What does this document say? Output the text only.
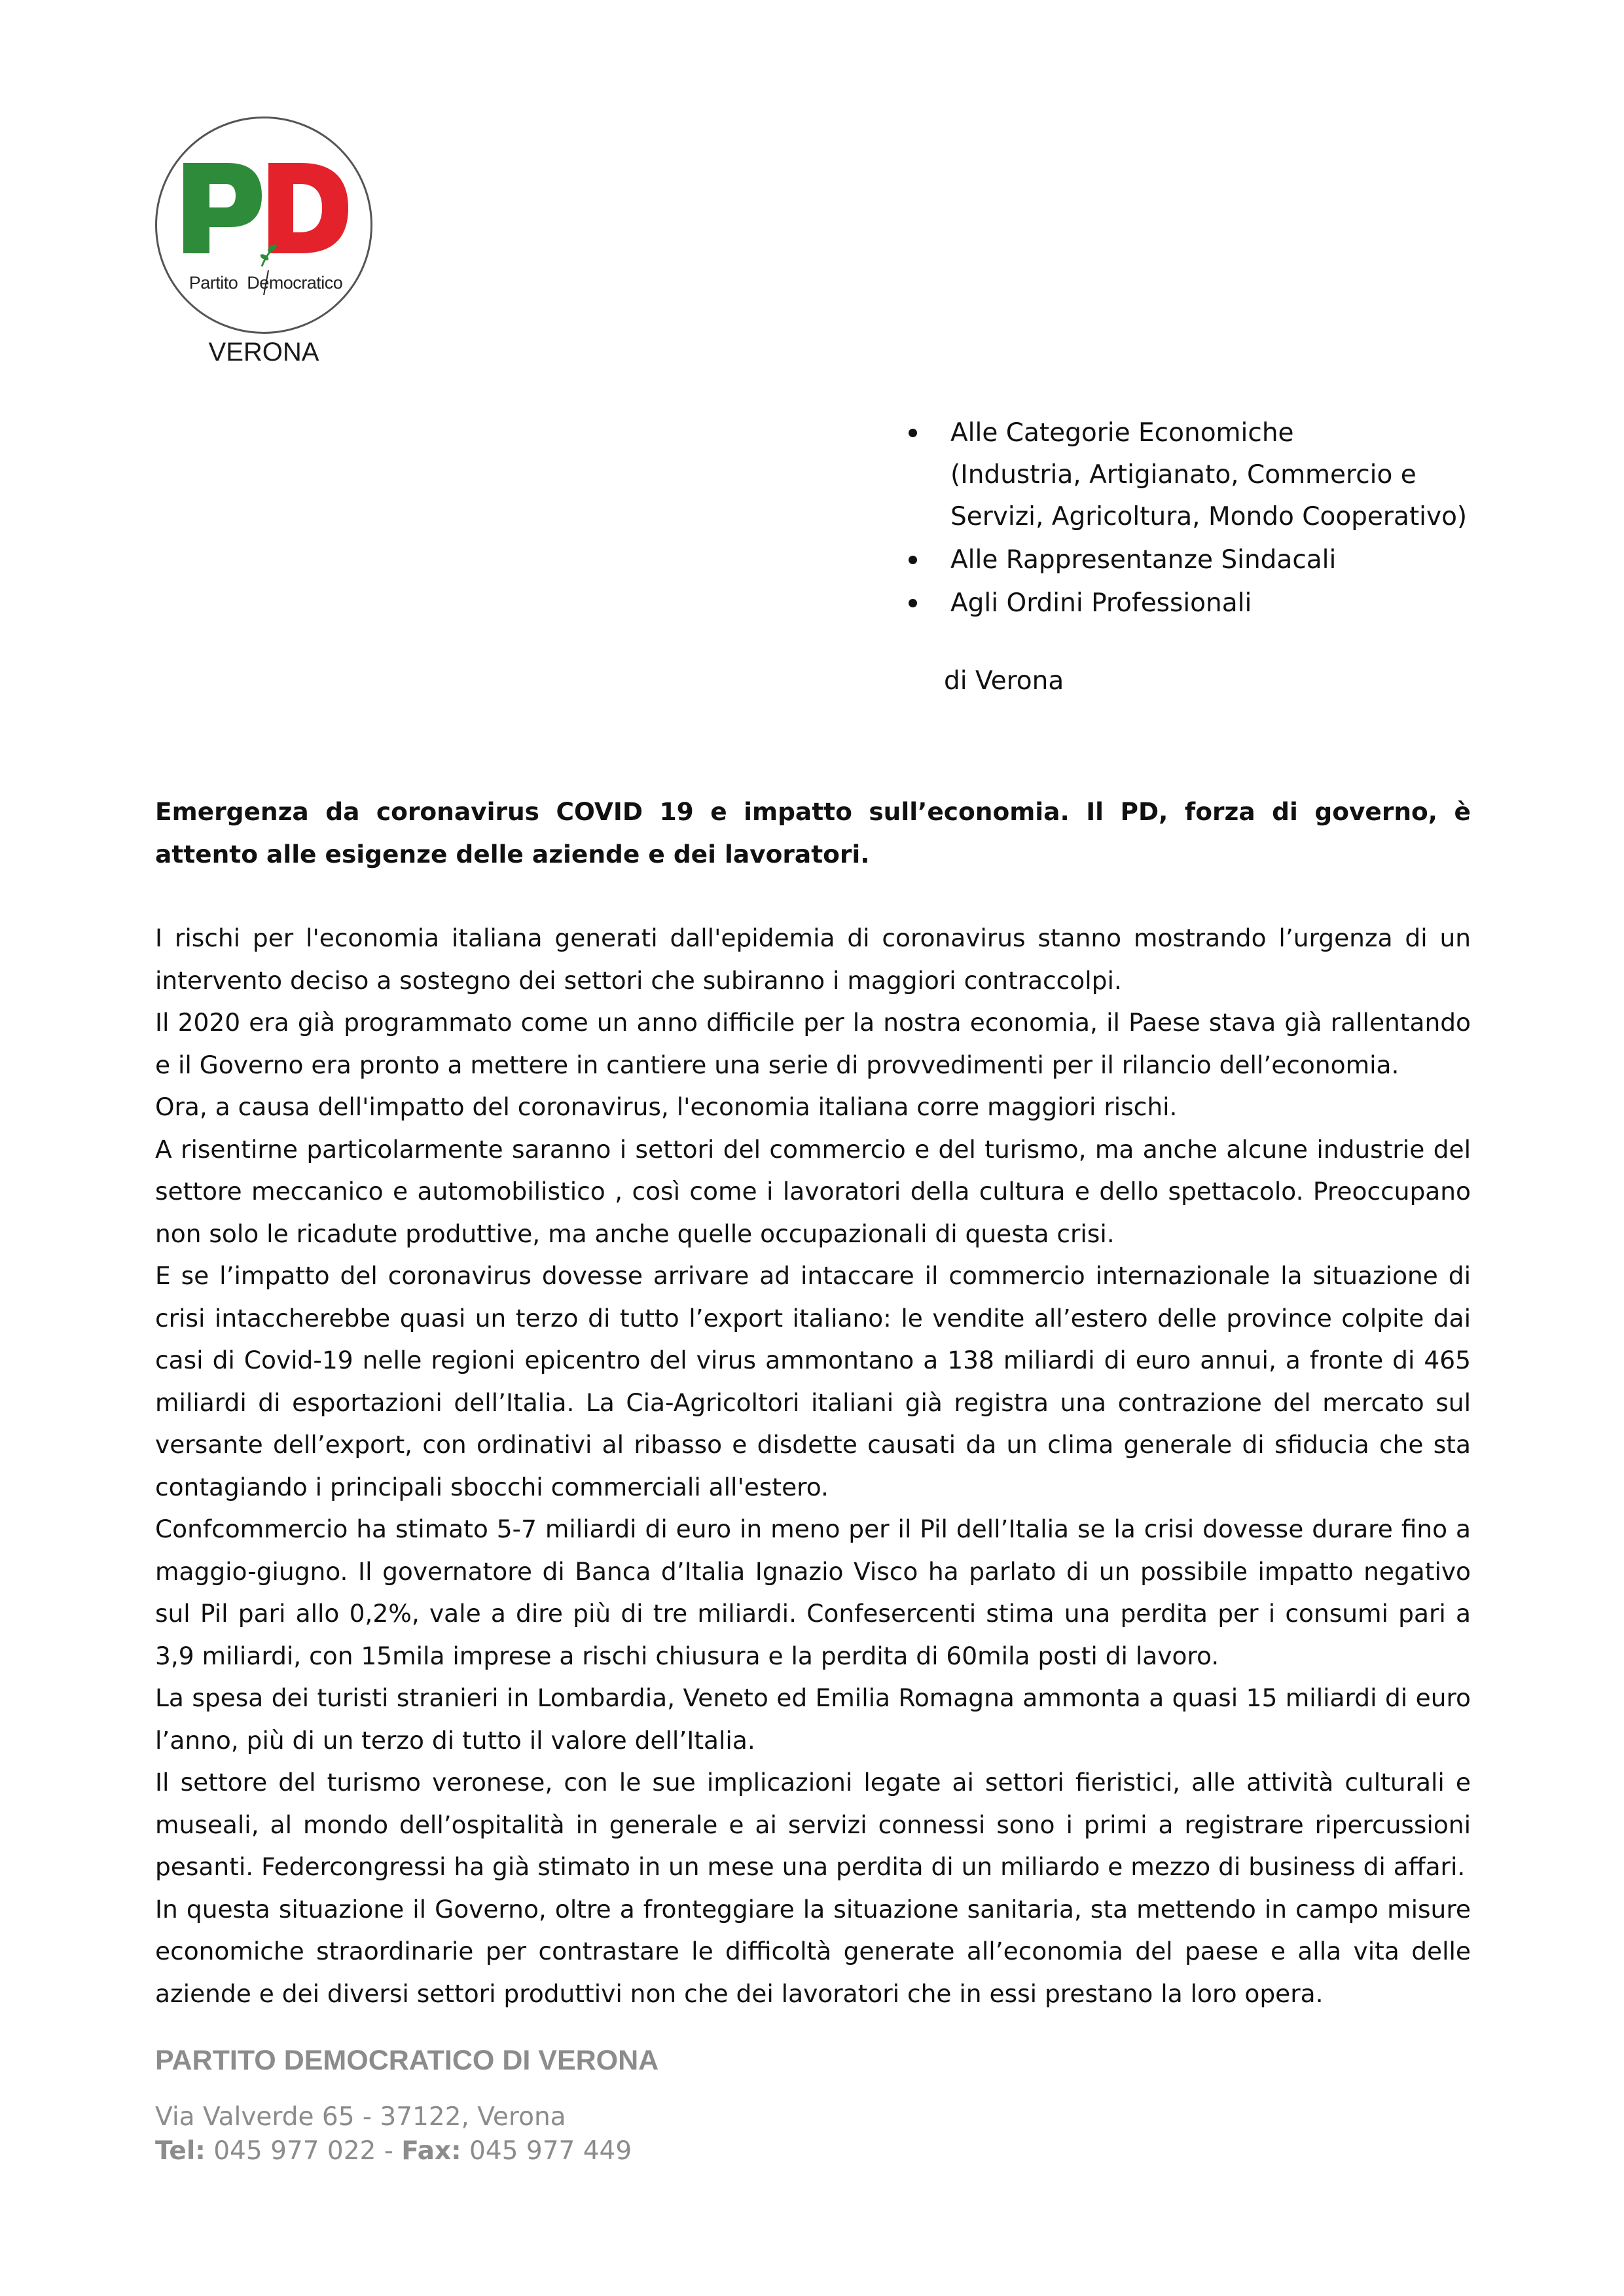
Partito Democratico
VERONA
Alle Categorie Economiche
(Industria, Artigianato, Commercio e
Servizi, Agricoltura, Mondo Cooperativo)
Alle Rappresentanze Sindacali
Agli Ordini Professionali
di Verona

Emergenza da coronavirus COVID 19 e impatto sull’economia. Il PD, forza di governo, è attento alle esigenze delle aziende e dei lavoratori.

I rischi per l'economia italiana generati dall'epidemia di coronavirus stanno mostrando l’urgenza di un intervento deciso a sostegno dei settori che subiranno i maggiori contraccolpi.

Il 2020 era già programmato come un anno difficile per la nostra economia, il Paese stava già rallentando e il Governo era pronto a mettere in cantiere una serie di provvedimenti per il rilancio dell’economia.

Ora, a causa dell'impatto del coronavirus, l'economia italiana corre maggiori rischi.

A risentirne particolarmente saranno i settori del commercio e del turismo, ma anche alcune industrie del settore meccanico e automobilistico , così come i lavoratori della cultura e dello spettacolo. Preoccupano non solo le ricadute produttive, ma anche quelle occupazionali di questa crisi.

E se l’impatto del coronavirus dovesse arrivare ad intaccare il commercio internazionale la situazione di crisi intaccherebbe quasi un terzo di tutto l’export italiano: le vendite all’estero delle province colpite dai casi di Covid-19 nelle regioni epicentro del virus ammontano a 138 miliardi di euro annui, a fronte di 465 miliardi di esportazioni dell’Italia. La Cia-Agricoltori italiani già registra una contrazione del mercato sul versante dell’export, con ordinativi al ribasso e disdette causati da un clima generale di sfiducia che sta contagiando i principali sbocchi commerciali all'estero.

Confcommercio ha stimato 5-7 miliardi di euro in meno per il Pil dell’Italia se la crisi dovesse durare fino a maggio-giugno. Il governatore di Banca d’Italia Ignazio Visco ha parlato di un possibile impatto negativo sul Pil pari allo 0,2%, vale a dire più di tre miliardi. Confesercenti stima una perdita per i consumi pari a 3,9 miliardi, con 15mila imprese a rischi chiusura e la perdita di 60mila posti di lavoro.

La spesa dei turisti stranieri in Lombardia, Veneto ed Emilia Romagna ammonta a quasi 15 miliardi di euro l’anno, più di un terzo di tutto il valore dell’Italia.

Il settore del turismo veronese, con le sue implicazioni legate ai settori fieristici, alle attività culturali e museali, al mondo dell’ospitalità in generale e ai servizi connessi sono i primi a registrare ripercussioni pesanti. Federcongressi ha già stimato in un mese una perdita di un miliardo e mezzo di business di affari.

In questa situazione il Governo, oltre a fronteggiare la situazione sanitaria, sta mettendo in campo misure economiche straordinarie per contrastare le difficoltà generate all’economia del paese e alla vita delle aziende e dei diversi settori produttivi non che dei lavoratori che in essi prestano la loro opera.

PARTITO DEMOCRATICO DI VERONA

Via Valverde 65 - 37122, Verona
Tel: 045 977 022 - Fax: 045 977 449
